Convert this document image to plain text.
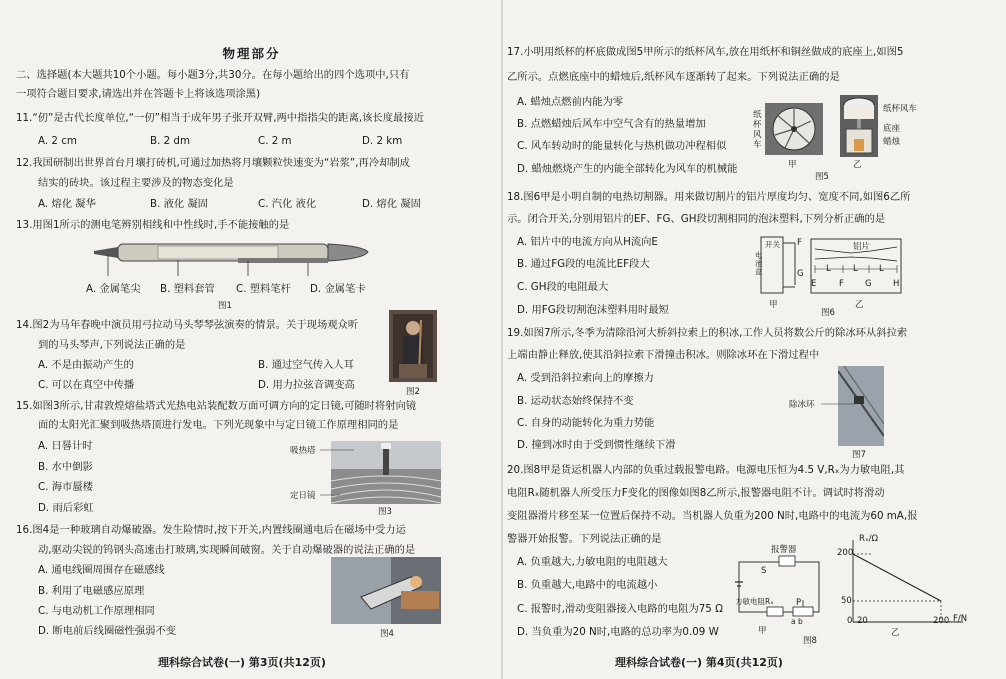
物理部分
二、选择题(本大题共10个小题。每小题3分,共30分。在每小题给出的四个选项中,只有
一项符合题目要求,请选出并在答题卡上将该选项涂黑)
11.“仞”是古代长度单位,“一仞”相当于成年男子张开双臂,两中指指尖的距离,该长度最接近
A. 2 cm	B. 2 dm	C. 2 m	D. 2 km
12.我国研制出世界首台月壤打砖机,可通过加热将月壤颗粒快速变为“岩浆”,再冷却制成
结实的砖块。该过程主要涉及的物态变化是
A. 熔化 凝华	B. 液化 凝固	C. 汽化 液化	D. 熔化 凝固
13.用图1所示的测电笔辨别相线和中性线时,手不能接触的是
A. 金属笔尖 B. 塑料套管 C. 塑料笔杆 D. 金属笔卡
图1
14.图2为马年春晚中演员用弓拉动马头琴琴弦演奏的情景。关于现场观众听
到的马头琴声,下列说法正确的是
A. 不是由振动产生的	B. 通过空气传入人耳
C. 可以在真空中传播	D. 用力拉弦音调变高
图2
15.如图3所示,甘肃敦煌熔盐塔式光热电站装配数万面可调方向的定日镜,可随时将射向镜
面的太阳光汇聚到吸热塔顶进行发电。下列光现象中与定日镜工作原理相同的是
A. 日晷计时
B. 水中倒影
C. 海市蜃楼
D. 雨后彩虹
吸热塔
定日镜
图3
16.图4是一种玻璃自动爆破器。发生险情时,按下开关,内置线圈通电后在磁场中受力运
动,驱动尖锐的钨钢头高速击打玻璃,实现瞬间破窗。关于自动爆破器的说法正确的是
A. 通电线圈周围存在磁感线
B. 利用了电磁感应原理
C. 与电动机工作原理相同
D. 断电前后线圈磁性强弱不变	图4
理科综合试卷(一) 第3页(共12页)
17.小明用纸杯的杯底做成图5甲所示的纸杯风车,放在用纸杯和铜丝做成的底座上,如图5
乙所示。点燃底座中的蜡烛后,纸杯风车逐渐转了起来。下列说法正确的是
A. 蜡烛点燃前内能为零
B. 点燃蜡烛后风车中空气含有的热量增加
C. 风车转动时的能量转化与热机做功冲程相似
D. 蜡烛燃烧产生的内能全部转化为风车的机械能
纸杯风车
纸杯风车
底座
蜡烛
甲	乙
图5
18.图6甲是小明自制的电热切割器。用来做切割片的铝片厚度均匀、宽度不同,如图6乙所
示。闭合开关,分别用铝片的EF、FG、GH段切割相同的泡沫塑料,下列分析正确的是
A. 铝片中的电流方向从H流向E
B. 通过FG段的电流比EF段大
C. GH段的电阻最大
D. 用FG段切割泡沫塑料用时最短
开关
电池盒
F
G
铝片
L	L	L
E	F G	H
甲	乙
图6
19.如图7所示,冬季为清除沿河大桥斜拉索上的积冰,工作人员将数公斤的除冰环从斜拉索
上端由静止释放,使其沿斜拉索下滑撞击积冰。则除冰环在下滑过程中
A. 受到沿斜拉索向上的摩擦力
B. 运动状态始终保持不变
C. 自身的动能转化为重力势能
D. 撞到冰时由于受到惯性继续下滑
除冰环
图7
20.图8甲是货运机器人内部的负重过载报警电路。电源电压恒为4.5 V,Rₓ为力敏电阻,其
电阻Rₓ随机器人所受压力F变化的图像如图8乙所示,报警器电阻不计。调试时将滑动
变阻器滑片移至某一位置后保持不动。当机器人负重为200 N时,电路中的电流为60 mA,报
警器开始报警。下列说法正确的是
A. 负重越大,力敏电阻的电阻越大
B. 负重越大,电路中的电流越小
C. 报警时,滑动变阻器接入电路的电阻为75 Ω
D. 当负重为20 N时,电路的总功率为0.09 W
报警器
S
力敏电阻Rₓ	P
a b
甲
Rₓ/Ω
200
50
0 20	200 F/N
乙
图8
理科综合试卷(一) 第4页(共12页)
